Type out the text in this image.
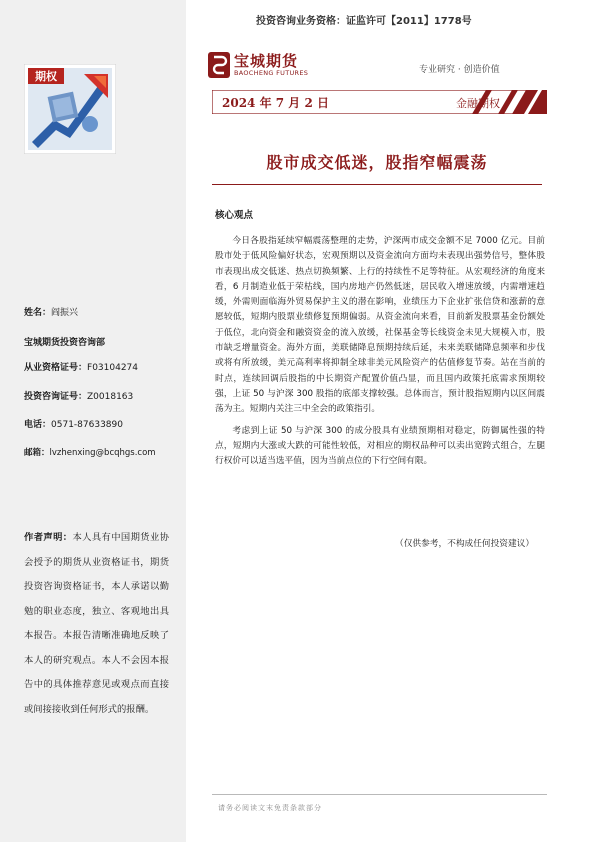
期权
姓名：阎振兴
宝城期货投资咨询部
从业资格证号：F03104274
投资咨询证号：Z0018163
电话：0571-87633890
邮箱：lvzhenxing@bcqhgs.com
作者声明：本人具有中国期货业协会授予的期货从业资格证书，期货投资咨询资格证书，本人承诺以勤勉的职业态度，独立、客观地出具本报告。本报告清晰准确地反映了本人的研究观点。本人不会因本报告中的具体推荐意见或观点而直接或间接接收到任何形式的报酬。
投资咨询业务资格：证监许可【2011】1778号
宝城期货
BAOCHENG FUTURES	专业研究 · 创造价值
2024 年 7 月 2 日	金融期权
股市成交低迷，股指窄幅震荡
核心观点

今日各股指延续窄幅震荡整理的走势，沪深两市成交金额不足 7000 亿元。目前股市处于低风险偏好状态，宏观预期以及资金流向方面均未表现出强势信号，整体股市表现出成交低迷、热点切换频繁、上行的持续性不足等特征。从宏观经济的角度来看，6 月制造业低于荣枯线，国内房地产仍然低迷，居民收入增速放缓，内需增速趋缓，外需则面临海外贸易保护主义的潜在影响，业绩压力下企业扩张信贷和涨薪的意愿较低，短期内股票业绩修复预期偏弱。从资金流向来看，目前新发股票基金份额处于低位，北向资金和融资资金的流入放缓，社保基金等长线资金未见大规模入市，股市缺乏增量资金。海外方面，美联储降息预期持续后延，未来美联储降息频率和步伐或将有所放缓，美元高利率将抑制全球非美元风险资产的估值修复节奏。站在当前的时点，连续回调后股指的中长期资产配置价值凸显，而且国内政策托底需求预期较强，上证 50 与沪深 300 股指的底部支撑较强。总体而言，预计股指短期内以区间震荡为主。短期内关注三中全会的政策指引。

考虑到上证 50 与沪深 300 的成分股具有业绩预期相对稳定，防御属性强的特点，短期内大涨或大跌的可能性较低，对相应的期权品种可以卖出宽跨式组合，左腿行权价可以适当选平值，因为当前点位的下行空间有限。

（仅供参考，不构成任何投资建议）
请务必阅读文末免责条款部分
